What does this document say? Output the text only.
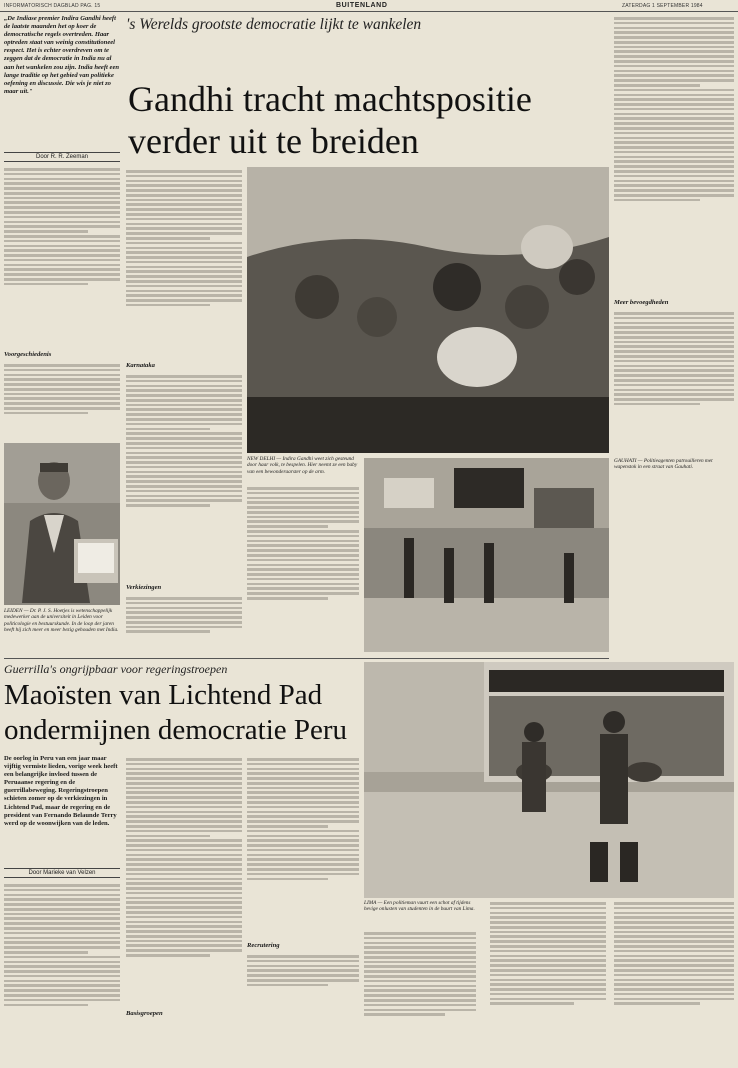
INFORMATORISCH DAGBLAD PAG. 15	BUITENLAND	ZATERDAG 1 SEPTEMBER 1984
„De Indiase premier Indira Gandhi heeft de laatste maanden het op koer de democratische regels overtreden. Haar optreden staat van weinig constitutioneel respect. Het is echter overdreven om te zeggen dat de democratie in India nu al aan het wankelen zou zijn. India heeft een lange traditie op het gebied van politieke oefening en discussie. Die wis je niet zo maar uit."
Door R. R. Zeeman
's Werelds grootste democratie lijkt te wankelen
Gandhi tracht machtspositie
verder uit te breiden
Voorgeschiedenis
LEIDEN — Dr. P. J. S. Hoetjes is wetenschappelijk medewerker aan de universiteit in Leiden voor politicologie en bestuurskunde. In de loop der jaren heeft hij zich meer en meer bezig gehouden met India.
Karnataka
Verkiezingen
NEW DELHI — Indira Gandhi weet zich gesteund door haar volk, te bespelen. Hier neemt ze een baby van een bewonderaarster op de arm.
Meer bevoegdheden
GAUHATI — Politieagenten patrouilleren met wapenstok in een straat van Gauhati.
Guerrilla's ongrijpbaar voor regeringstroepen
Maoïsten van Lichtend Pad
ondermijnen democratie Peru
De oorlog in Peru van een jaar maar vijftig vermiste lieden, vorige week heeft een belangrijke invloed tussen de Peruaanse regering en de guerrillabeweging. Regeringstroepen schieten zomer op de verkiezingen in Lichtend Pad, maar de regering en de president van Fernando Belaunde Terry werd op de woonwijken van de leden.
Door Marieke van Velzen
Recrutering
Basisgroepen
LIMA — Een politieman vuurt een schot af tijdens hevige onlusten van studenten in de buurt van Lima.
